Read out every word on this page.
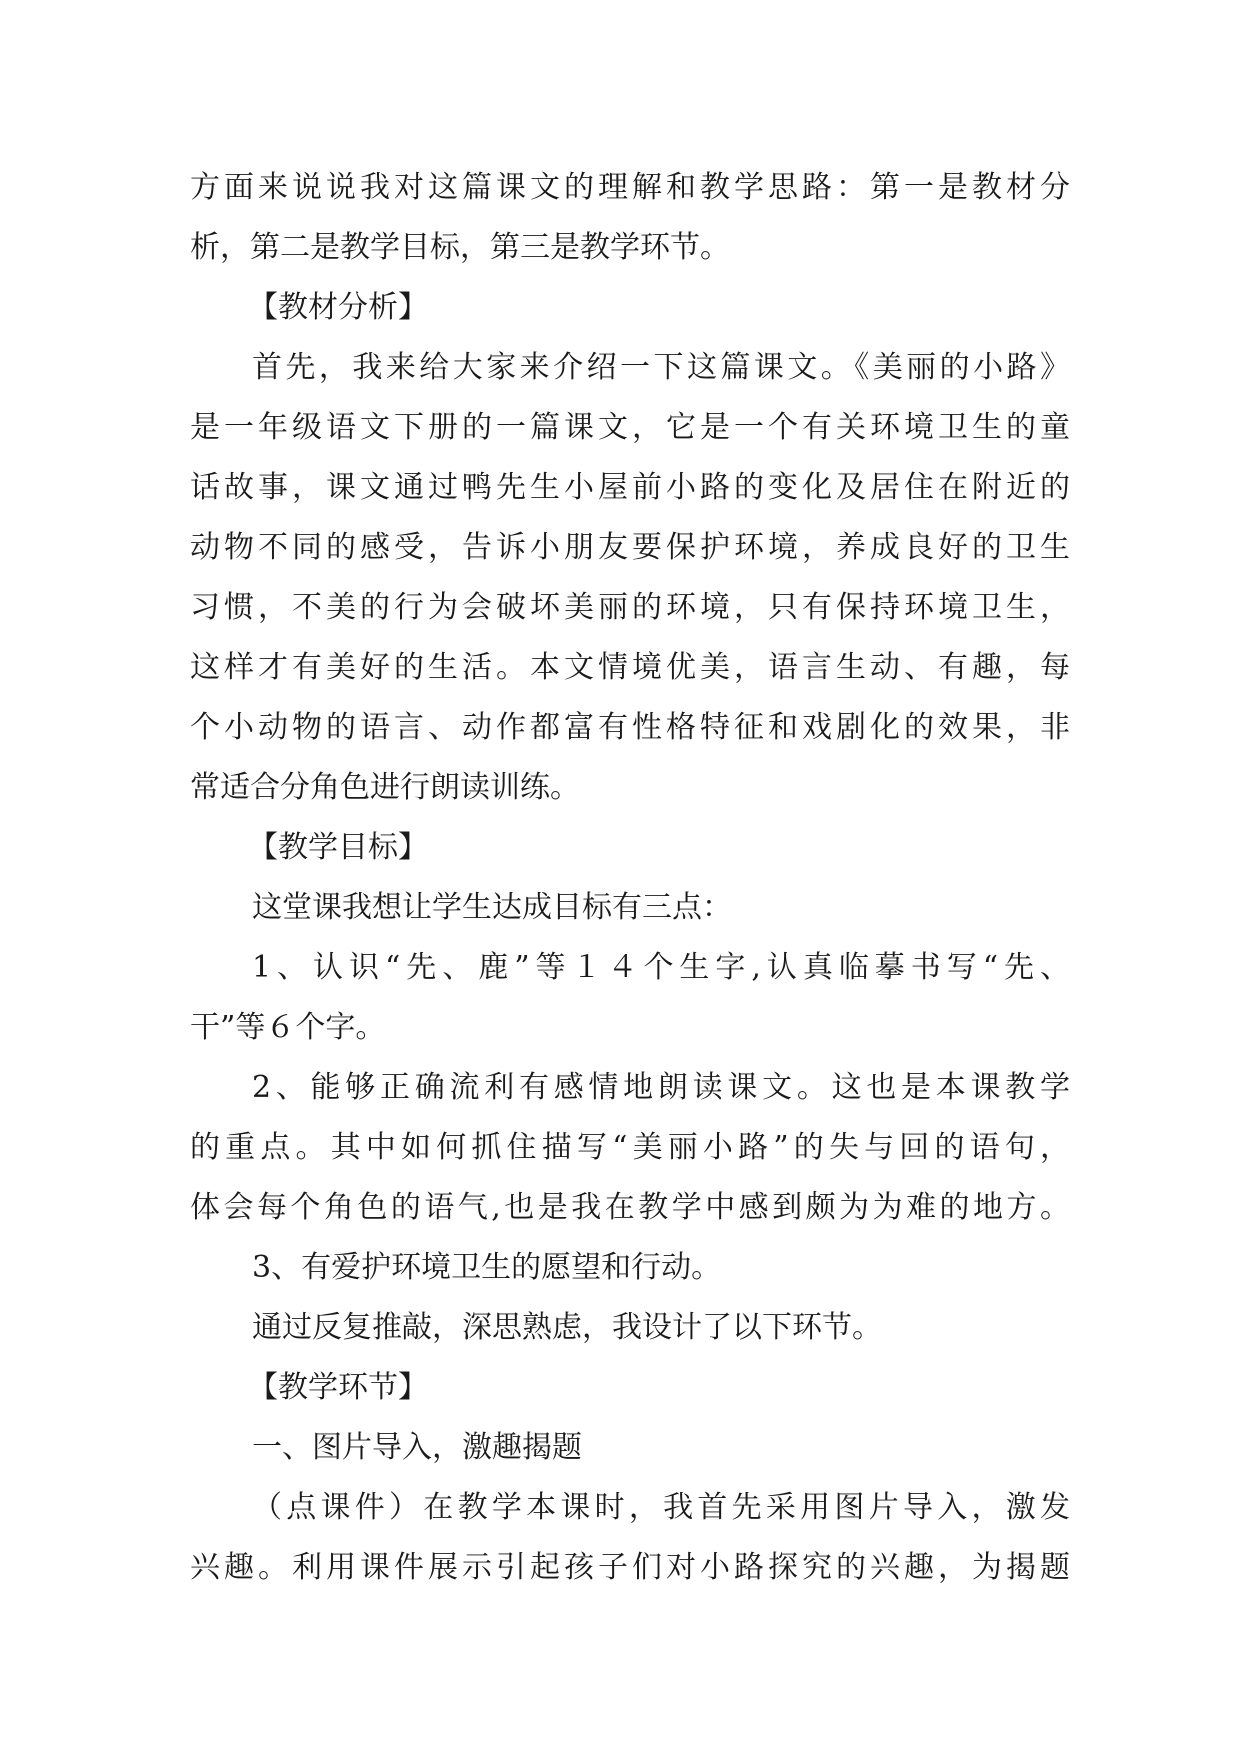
方面来说说我对这篇课文的理解和教学思路：第一是教材分
析，第二是教学目标，第三是教学环节。
【教材分析】
首先，我来给大家来介绍一下这篇课文。《美丽的小路》
是一年级语文下册的一篇课文，它是一个有关环境卫生的童
话故事，课文通过鸭先生小屋前小路的变化及居住在附近的
动物不同的感受，告诉小朋友要保护环境，养成良好的卫生
习惯，不美的行为会破坏美丽的环境，只有保持环境卫生，
这样才有美好的生活。本文情境优美，语言生动、有趣，每
个小动物的语言、动作都富有性格特征和戏剧化的效果，非
常适合分角色进行朗读训练。
【教学目标】
这堂课我想让学生达成目标有三点：
1、认识“先、鹿”等１４个生字,认真临摹书写“先、
干”等６个字。
2、能够正确流利有感情地朗读课文。这也是本课教学
的重点。其中如何抓住描写“美丽小路”的失与回的语句，
体会每个角色的语气,也是我在教学中感到颇为为难的地方。
3、有爱护环境卫生的愿望和行动。
通过反复推敲，深思熟虑，我设计了以下环节。
【教学环节】
一、图片导入，激趣揭题
（点课件）在教学本课时，我首先采用图片导入，激发
兴趣。利用课件展示引起孩子们对小路探究的兴趣，为揭题
